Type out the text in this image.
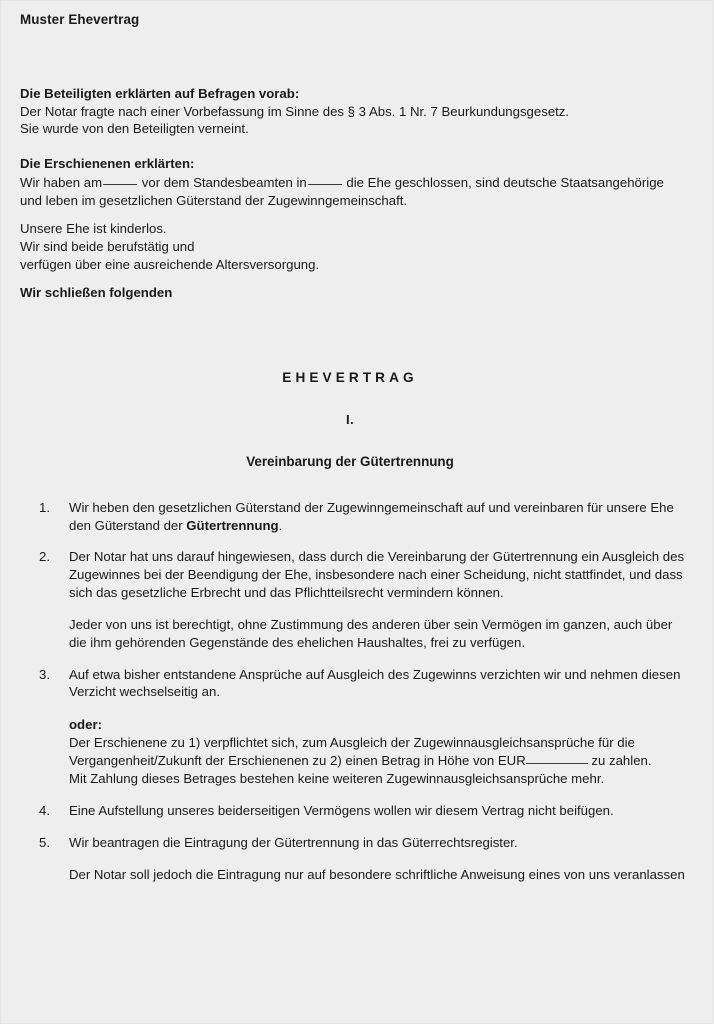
Muster Ehevertrag

Die Beteiligten erklärten auf Befragen vorab:

Der Notar fragte nach einer Vorbefassung im Sinne des § 3 Abs. 1 Nr. 7 Beurkundungsgesetz.

Sie wurde von den Beteiligten verneint.

Die Erschienenen erklärten:

Wir haben am	vor dem Standesbeamten in	die Ehe geschlossen, sind deutsche Staatsangehörige und leben im gesetzlichen Güterstand der Zugewinngemeinschaft.

Unsere Ehe ist kinderlos.

Wir sind beide berufstätig und

verfügen über eine ausreichende Altersversorgung.

Wir schließen folgenden

EHEVERTRAG

I.

Vereinbarung der Gütertrennung

1.	Wir heben den gesetzlichen Güterstand der Zugewinngemeinschaft auf und vereinbaren für unsere Ehe den Güterstand der Gütertrennung.

2.	Der Notar hat uns darauf hingewiesen, dass durch die Vereinbarung der Gütertrennung ein Ausgleich des Zugewinnes bei der Beendigung der Ehe, insbesondere nach einer Scheidung, nicht stattfindet, und dass sich das gesetzliche Erbrecht und das Pflichtteilsrecht vermindern können.

Jeder von uns ist berechtigt, ohne Zustimmung des anderen über sein Vermögen im ganzen, auch über die ihm gehörenden Gegenstände des ehelichen Haushaltes, frei zu verfügen.

3.	Auf etwa bisher entstandene Ansprüche auf Ausgleich des Zugewinns verzichten wir und nehmen diesen Verzicht wechselseitig an.

oder:

Der Erschienene zu 1) verpflichtet sich, zum Ausgleich der Zugewinnausgleichsansprüche für die

Vergangenheit/Zukunft der Erschienenen zu 2) einen Betrag in Höhe von EUR	zu zahlen.

Mit Zahlung dieses Betrages bestehen keine weiteren Zugewinnausgleichsansprüche mehr.

4.	Eine Aufstellung unseres beiderseitigen Vermögens wollen wir diesem Vertrag nicht beifügen.

5.	Wir beantragen die Eintragung der Gütertrennung in das Güterrechtsregister.

Der Notar soll jedoch die Eintragung nur auf besondere schriftliche Anweisung eines von uns veranlassen
